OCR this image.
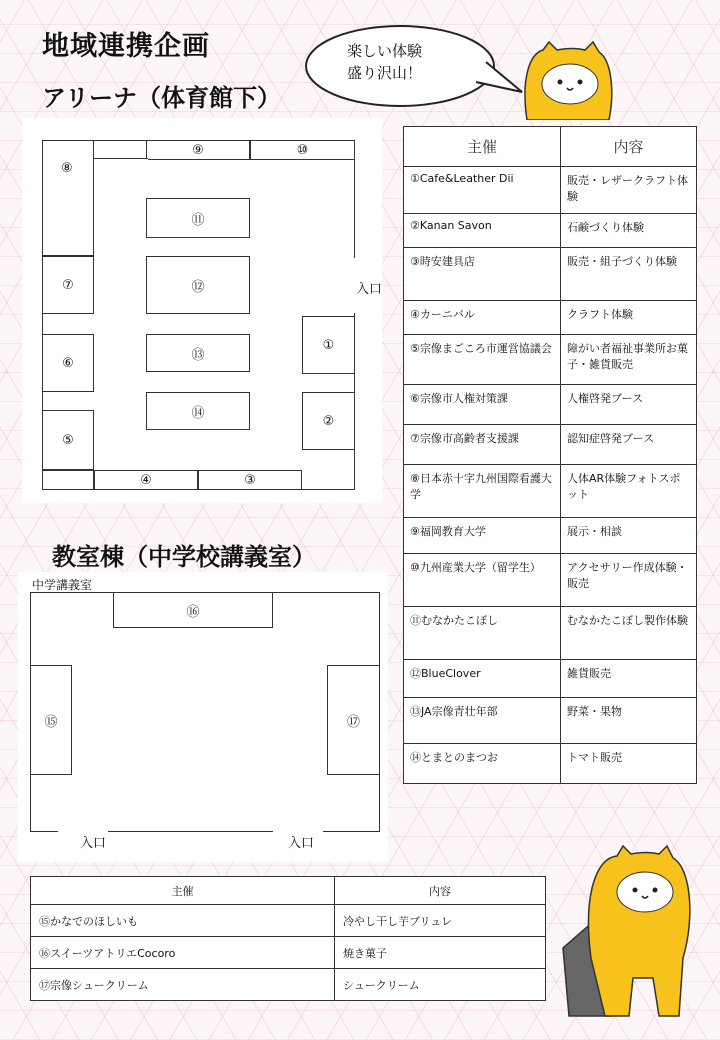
地域連携企画
アリーナ（体育館下）
楽しい体験
盛り沢山！
入口
⑧
⑨	⑩
⑪
⑫
⑦
⑬
⑥
⑭
⑤
④	③
①
②
教室棟（中学校講義室）
中学講義室
入口	入口
⑯
⑮	⑰
主催	内容
①Cafe&Leather Dii	販売・レザークラフト体験
②Kanan Savon	石鹸づくり体験
③時安建具店	販売・組子づくり体験
④カーニバル	クラフト体験
⑤宗像まごころ市運営協議会	障がい者福祉事業所お菓子・雑貨販売
⑥宗像市人権対策課	人権啓発ブース
⑦宗像市高齢者支援課	認知症啓発ブース
⑧日本赤十字九州国際看護大学	人体AR体験フォトスポット
⑨福岡教育大学	展示・相談
⑩九州産業大学（留学生）	アクセサリー作成体験・販売
⑪むなかたこぼし	むなかたこぼし製作体験
⑫BlueClover	雑貨販売
⑬JA宗像青壮年部	野菜・果物
⑭とまとのまつお	トマト販売
主催	内容
⑮かなでのほしいも	冷やし干し芋ブリュレ
⑯スイーツアトリエCocoro	焼き菓子
⑰宗像シュークリーム	シュークリーム
